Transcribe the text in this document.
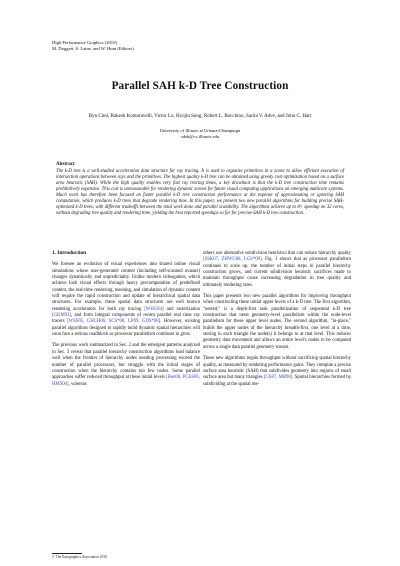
High Performance Graphics (2010)
M. Doggett, S. Laine, and W. Hunt (Editors)
Parallel SAH k-D Tree Construction
Byn Choi, Rakesh Komuravelli, Victor Lu, Hyojin Sung, Robert L. Bocchino, Sarita V. Adve, and John C. Hart
University of Illinois at Urbana-Champaign
sdeh@cs.illinois.edu
Abstract
The k-D tree is a well-studied acceleration data structure for ray tracing. It is used to organize primitives in a scene to allow efficient execution of intersection operations between rays and the primitives. The highest quality k-D tree can be obtained using greedy cost optimization based on a surface area heuristic (SAH). While the high quality enables very fast ray tracing times, a key drawback is that the k-D tree construction time remains prohibitively expensive. This cost is unreasonable for rendering dynamic scenes for future visual computing applications on emerging multicore systems. Much work has therefore been focused on faster parallel k-D tree construction performance at the expense of approximating or ignoring SAH computation, which produces k-D trees that degrade rendering time. In this paper, we present two new parallel algorithms for building precise SAH-optimized k-D trees, with different tradeoffs between the total work done and parallel scalability. The algorithms achieve up to 8× speedup on 32 cores, without degrading tree quality and rendering time, yielding the best reported speedups so far for precise-SAH k-D tree construction.
1. Introduction

We foresee an evolution of visual experiences into shared online visual simulations whose user-generated content (including self-scanned avatars) changes dynamically and unpredictably. Unlike modern videogames, which achieve lush visual effects through heavy precomputation of predefined content, the real-time rendering, meshing, and simulation of dynamic content will require the rapid construction and update of hierarchical spatial data structures. For example, these spatial data structures are well known rendering accelerators for both ray tracing [WHG84] and rasterization [GKM93], and form integral components of recent parallel real time ray tracers [WSS05, CHCH06, SCS*08, LP09, GDS*08]. However, existing parallel algorithms designed to rapidly build dynamic spatial hierarchies will soon face a serious roadblock as processor parallelism continues to grow.

The previous work summarized in Sec. 2 and the emergent patterns analyzed in Sec. 3 reveal that parallel hierarchy construction algorithms load balance well when the frontier of hierarchy nodes needing processing exceed the number of parallel processors, but struggle with the initial stages of construction when the hierarchy contains too few nodes. Some parallel approaches suffer reduced throughput at these initial levels [Ben06, PGSS06, HMS06], whereas

others use alternative subdivision heuristics that can reduce hierarchy quality [SSK07, ZHWG08, LGS*09]. Fig. 1 shows that as processor parallelism continues to scale up, the number of initial steps in parallel hierarchy construction grows, and current subdivision heuristic sacrifices made to maintain throughput cause increasing degradation in tree quality and ultimately rendering rates.

This paper presents two new parallel algorithms for improving throughput when constructing these initial upper levels of a k-D tree. The first algorithm, "nested," is a depth-first task parallelization of sequential k-D tree construction that nests geometry-level parallelism within the node-level parallelism for these upper level nodes. The second algorithm, "in-place," builds the upper nodes of the hierarchy breadth-first, one level at a time, storing in each triangle the node(s) it belongs to at that level. This reduces geometry data movement and allows an entire level's nodes to be computed across a single data parallel geometry stream.

These new algorithms regain throughput without sacrificing spatial hierarchy quality, as measured by rendering performance gains. They compute a precise surface area heuristic (SAH) that subdivides geometry into regions of small surface area but many triangles [GS87, MB90]. Spatial hierarchies formed by subdividing at the spatial me-

© The Eurographics Association 2010.
